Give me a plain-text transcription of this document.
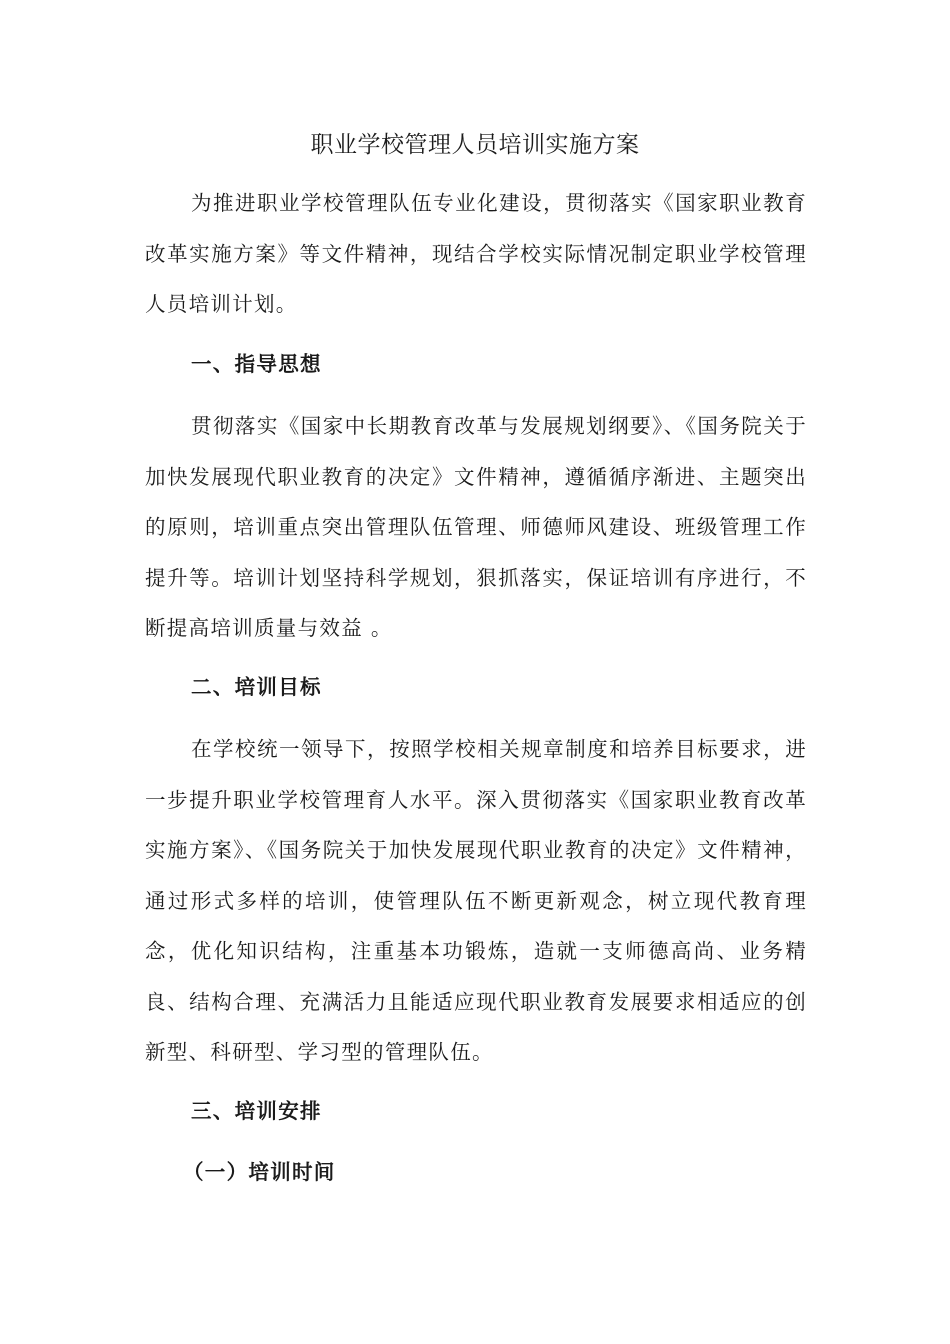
职业学校管理人员培训实施方案

为推进职业学校管理队伍专业化建设，贯彻落实《国家职业教育改革实施方案》等文件精神，现结合学校实际情况制定职业学校管理人员培训计划。

一、指导思想

贯彻落实《国家中长期教育改革与发展规划纲要》、《国务院关于加快发展现代职业教育的决定》文件精神，遵循循序渐进、主题突出的原则，培训重点突出管理队伍管理、师德师风建设、班级管理工作提升等。培训计划坚持科学规划，狠抓落实，保证培训有序进行，不断提高培训质量与效益 。

二、培训目标

在学校统一领导下，按照学校相关规章制度和培养目标要求，进一步提升职业学校管理育人水平。深入贯彻落实《国家职业教育改革实施方案》、《国务院关于加快发展现代职业教育的决定》文件精神，通过形式多样的培训，使管理队伍不断更新观念，树立现代教育理念，优化知识结构，注重基本功锻炼，造就一支师德高尚、业务精良、结构合理、充满活力且能适应现代职业教育发展要求相适应的创新型、科研型、学习型的管理队伍。

三、培训安排
（一）培训时间
